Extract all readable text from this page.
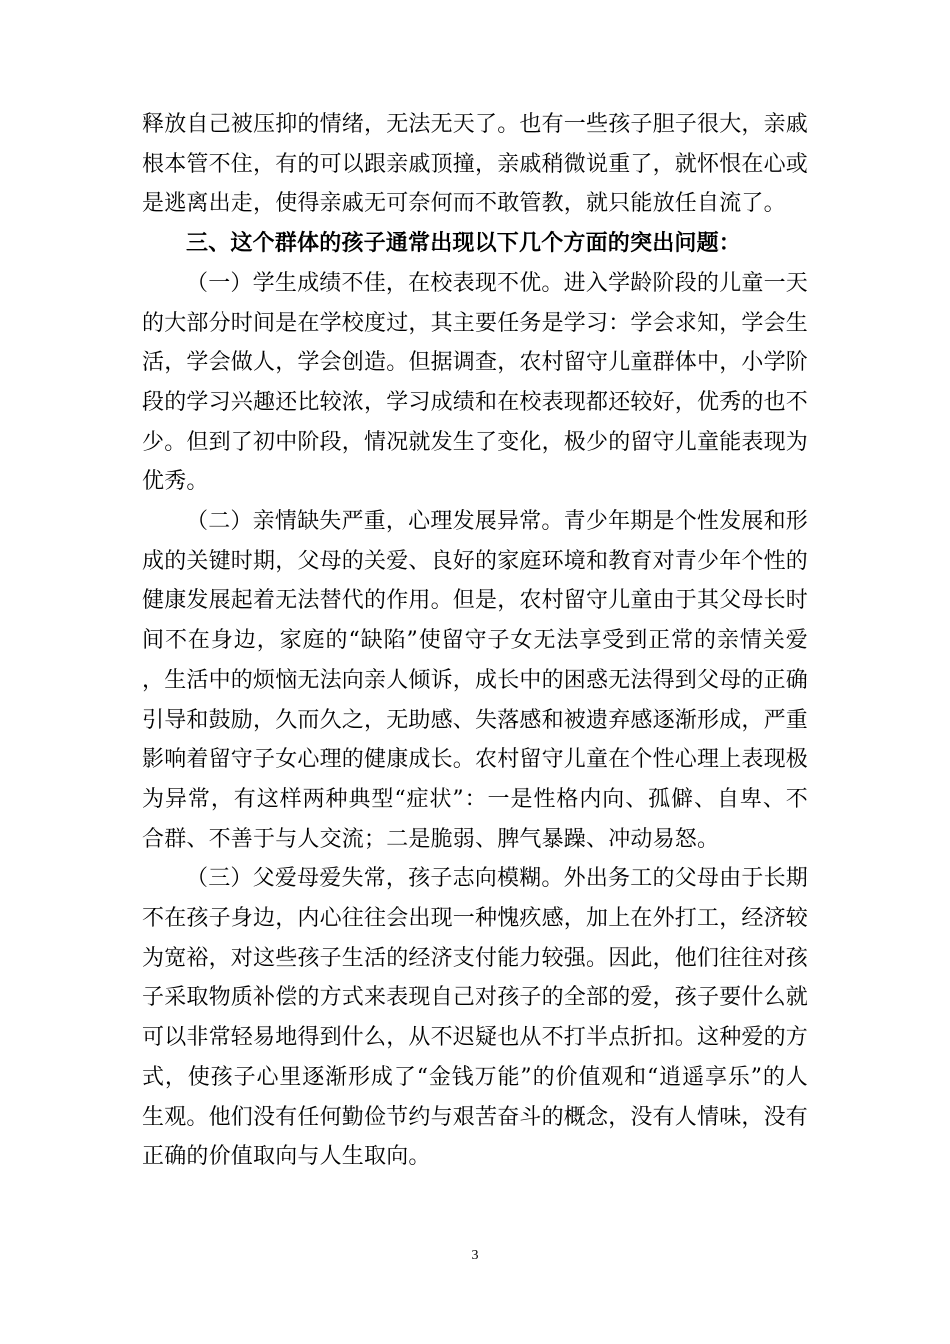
释放自己被压抑的情绪，无法无天了。也有一些孩子胆子很大，亲戚根本管不住，有的可以跟亲戚顶撞，亲戚稍微说重了，就怀恨在心或是逃离出走，使得亲戚无可奈何而不敢管教，就只能放任自流了。

三、这个群体的孩子通常出现以下几个方面的突出问题：

（一）学生成绩不佳，在校表现不优。进入学龄阶段的儿童一天的大部分时间是在学校度过，其主要任务是学习：学会求知，学会生活，学会做人，学会创造。但据调查，农村留守儿童群体中，小学阶段的学习兴趣还比较浓，学习成绩和在校表现都还较好，优秀的也不少。但到了初中阶段，情况就发生了变化，极少的留守儿童能表现为优秀。

（二）亲情缺失严重，心理发展异常。青少年期是个性发展和形成的关键时期，父母的关爱、良好的家庭环境和教育对青少年个性的健康发展起着无法替代的作用。但是，农村留守儿童由于其父母长时间不在身边，家庭的“缺陷”使留守子女无法享受到正常的亲情关爱，生活中的烦恼无法向亲人倾诉，成长中的困惑无法得到父母的正确引导和鼓励，久而久之，无助感、失落感和被遗弃感逐渐形成，严重影响着留守子女心理的健康成长。农村留守儿童在个性心理上表现极为异常，有这样两种典型“症状”：一是性格内向、孤僻、自卑、不合群、不善于与人交流；二是脆弱、脾气暴躁、冲动易怒。

（三）父爱母爱失常，孩子志向模糊。外出务工的父母由于长期不在孩子身边，内心往往会出现一种愧疚感，加上在外打工，经济较为宽裕，对这些孩子生活的经济支付能力较强。因此，他们往往对孩子采取物质补偿的方式来表现自己对孩子的全部的爱，孩子要什么就可以非常轻易地得到什么，从不迟疑也从不打半点折扣。这种爱的方式，使孩子心里逐渐形成了“金钱万能”的价值观和“逍遥享乐”的人生观。他们没有任何勤俭节约与艰苦奋斗的概念，没有人情味，没有正确的价值取向与人生取向。

3
